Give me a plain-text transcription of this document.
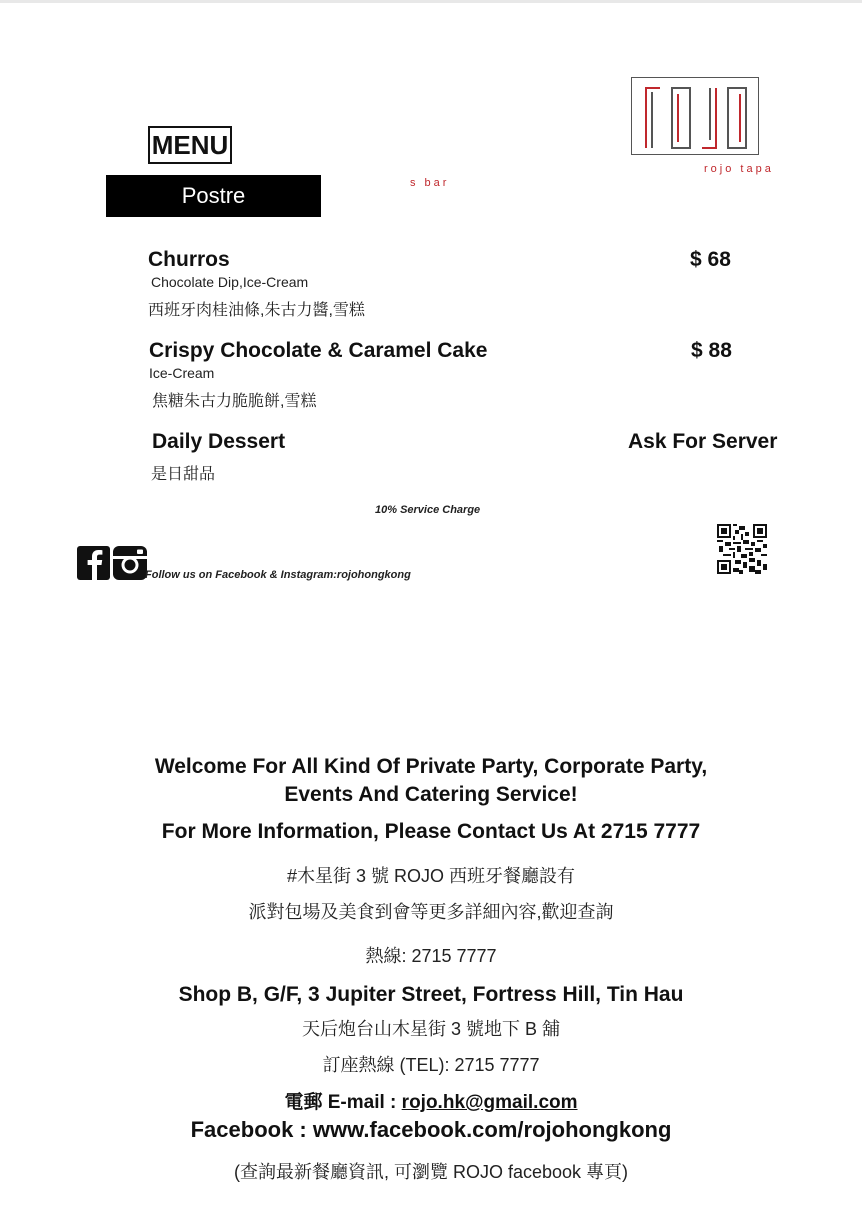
MENU
Postre
rojo tapa
s bar
Churros	$ 68
Chocolate Dip,Ice-Cream
西班牙肉桂油條,朱古力醬,雪糕
Crispy Chocolate & Caramel Cake	$ 88
Ice-Cream
焦糖朱古力脆脆餅,雪糕
Daily Dessert	Ask For Server
是日甜品
10% Service Charge
Follow us on Facebook & Instagram:rojohongkong
Welcome For All Kind Of Private Party, Corporate Party,
Events And Catering Service!
For More Information, Please Contact Us At 2715 7777
#木星街 3 號 ROJO 西班牙餐廳設有
派對包場及美食到會等更多詳細內容,歡迎查詢
熱線: 2715 7777
Shop B, G/F, 3 Jupiter Street, Fortress Hill, Tin Hau
天后炮台山木星街 3 號地下 B 舖
訂座熱線 (TEL): 2715 7777
電郵 E-mail : rojo.hk@gmail.com
Facebook : www.facebook.com/rojohongkong
(查詢最新餐廳資訊, 可瀏覽 ROJO facebook 專頁)
